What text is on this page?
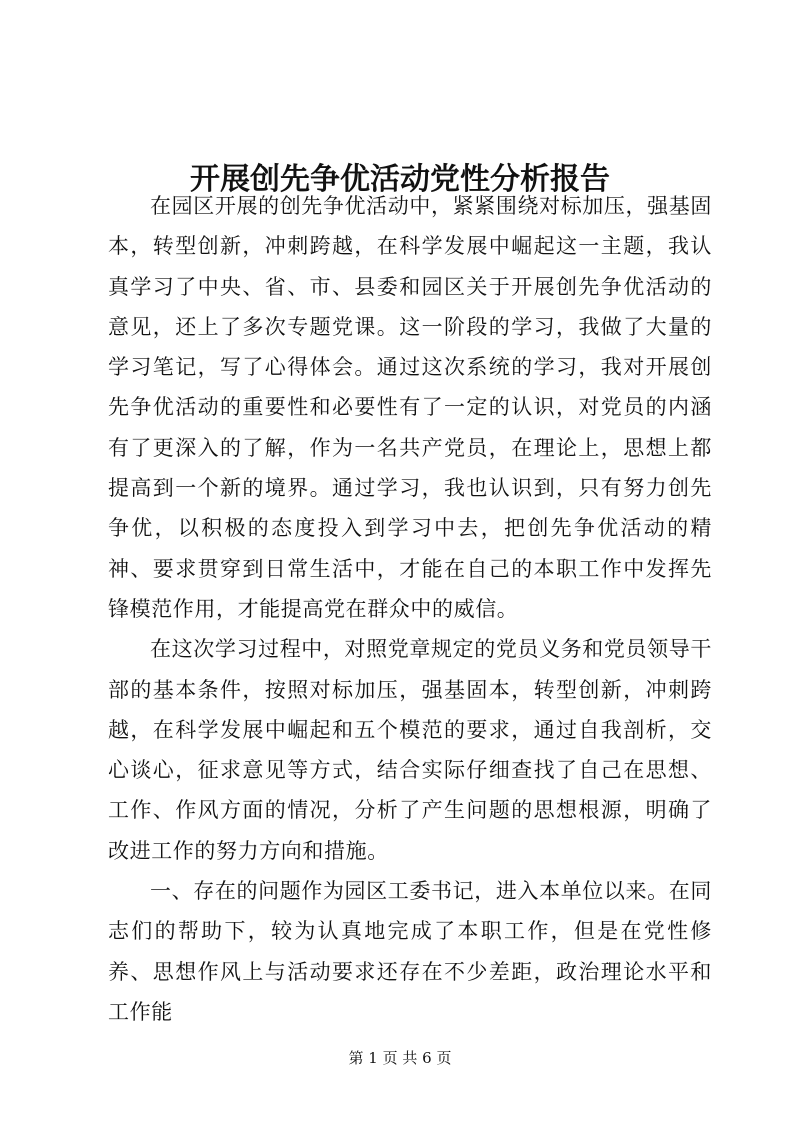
开展创先争优活动党性分析报告

在园区开展的创先争优活动中，紧紧围绕对标加压，强基固本，转型创新，冲刺跨越，在科学发展中崛起这一主题，我认真学习了中央、省、市、县委和园区关于开展创先争优活动的意见，还上了多次专题党课。这一阶段的学习，我做了大量的学习笔记，写了心得体会。通过这次系统的学习，我对开展创先争优活动的重要性和必要性有了一定的认识，对党员的内涵有了更深入的了解，作为一名共产党员，在理论上，思想上都提高到一个新的境界。通过学习，我也认识到，只有努力创先争优，以积极的态度投入到学习中去，把创先争优活动的精神、要求贯穿到日常生活中，才能在自己的本职工作中发挥先锋模范作用，才能提高党在群众中的威信。

在这次学习过程中，对照党章规定的党员义务和党员领导干部的基本条件，按照对标加压，强基固本，转型创新，冲刺跨越，在科学发展中崛起和五个模范的要求，通过自我剖析，交心谈心，征求意见等方式，结合实际仔细查找了自己在思想、工作、作风方面的情况，分析了产生问题的思想根源，明确了改进工作的努力方向和措施。

一、存在的问题作为园区工委书记，进入本单位以来。在同志们的帮助下，较为认真地完成了本职工作，但是在党性修养、思想作风上与活动要求还存在不少差距，政治理论水平和工作能

第 1 页 共 6 页
